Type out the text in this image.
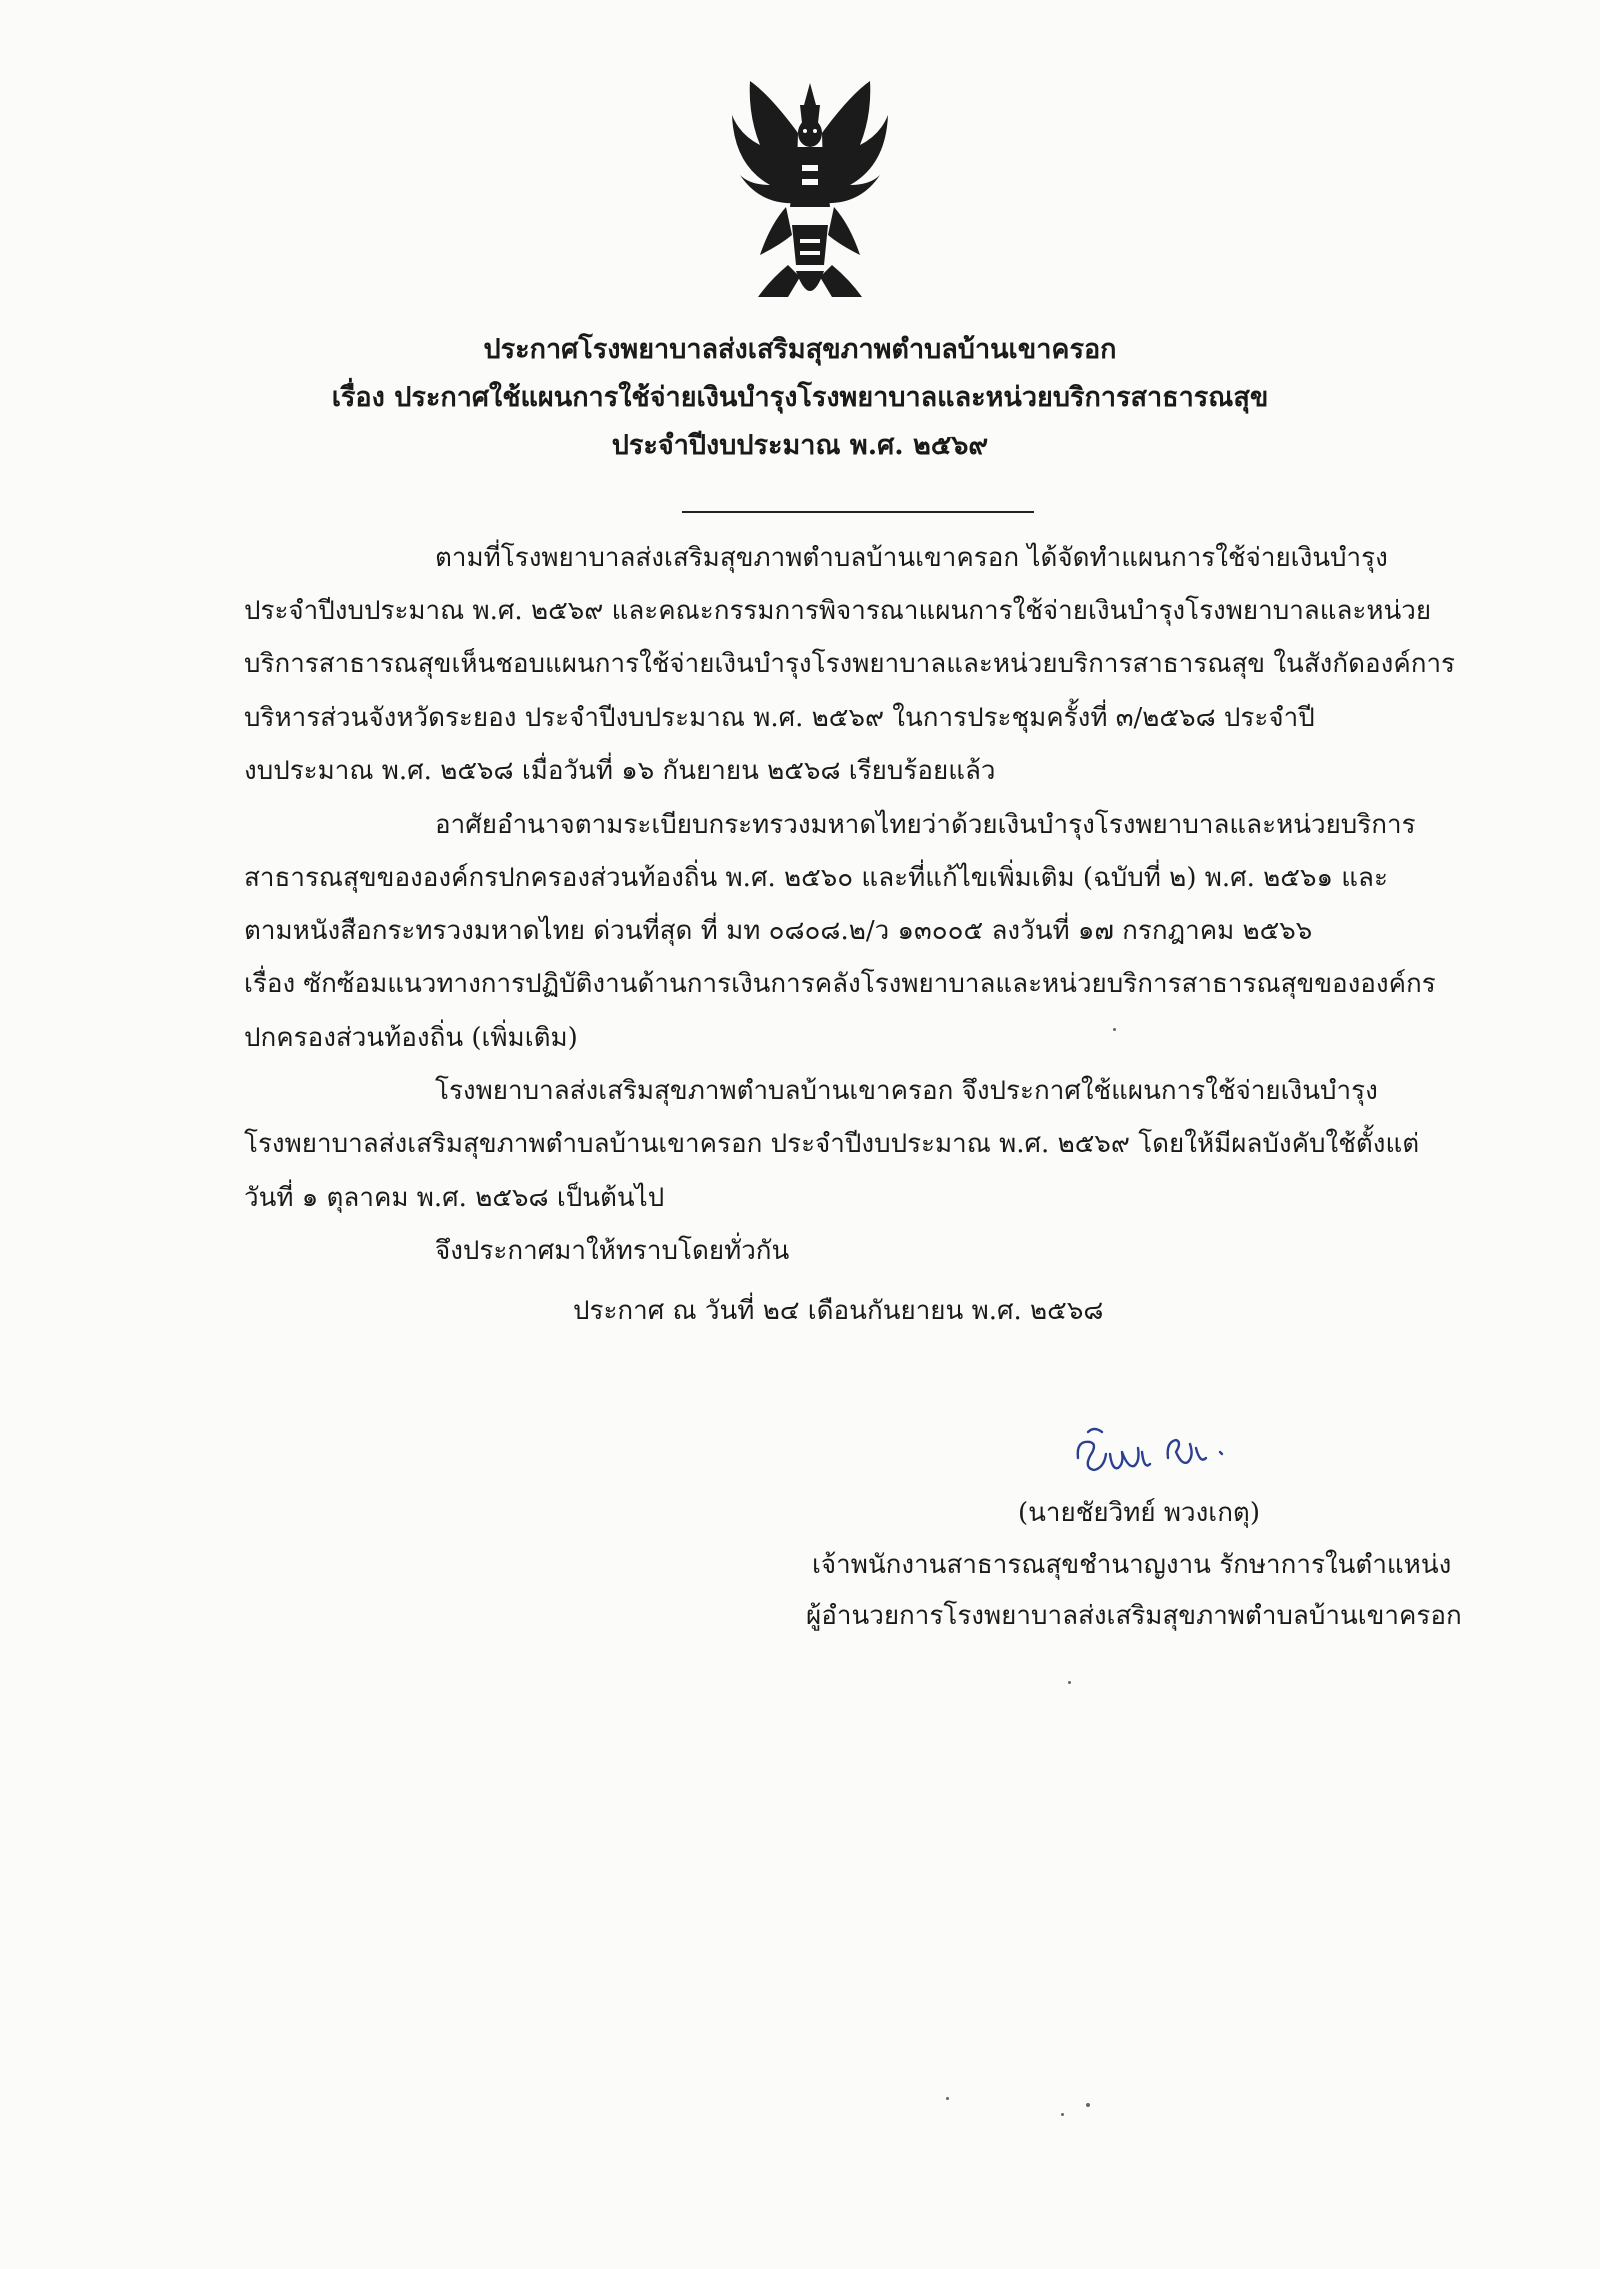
ประกาศโรงพยาบาลส่งเสริมสุขภาพตำบลบ้านเขาครอก
เรื่อง ประกาศใช้แผนการใช้จ่ายเงินบำรุงโรงพยาบาลและหน่วยบริการสาธารณสุข
ประจำปีงบประมาณ พ.ศ. ๒๕๖๙
ตามที่โรงพยาบาลส่งเสริมสุขภาพตำบลบ้านเขาครอก ได้จัดทำแผนการใช้จ่ายเงินบำรุง
ประจำปีงบประมาณ พ.ศ. ๒๕๖๙ และคณะกรรมการพิจารณาแผนการใช้จ่ายเงินบำรุงโรงพยาบาลและหน่วย
บริการสาธารณสุขเห็นชอบแผนการใช้จ่ายเงินบำรุงโรงพยาบาลและหน่วยบริการสาธารณสุข ในสังกัดองค์การ
บริหารส่วนจังหวัดระยอง ประจำปีงบประมาณ พ.ศ. ๒๕๖๙ ในการประชุมครั้งที่ ๓/๒๕๖๘ ประจำปี
งบประมาณ พ.ศ. ๒๕๖๘ เมื่อวันที่ ๑๖ กันยายน ๒๕๖๘ เรียบร้อยแล้ว
อาศัยอำนาจตามระเบียบกระทรวงมหาดไทยว่าด้วยเงินบำรุงโรงพยาบาลและหน่วยบริการ
สาธารณสุขขององค์กรปกครองส่วนท้องถิ่น พ.ศ. ๒๕๖๐ และที่แก้ไขเพิ่มเติม (ฉบับที่ ๒) พ.ศ. ๒๕๖๑ และ
ตามหนังสือกระทรวงมหาดไทย ด่วนที่สุด ที่ มท ๐๘๐๘.๒/ว ๑๓๐๐๕ ลงวันที่ ๑๗ กรกฎาคม ๒๕๖๖
เรื่อง ซักซ้อมแนวทางการปฏิบัติงานด้านการเงินการคลังโรงพยาบาลและหน่วยบริการสาธารณสุขขององค์กร
ปกครองส่วนท้องถิ่น (เพิ่มเติม)
โรงพยาบาลส่งเสริมสุขภาพตำบลบ้านเขาครอก จึงประกาศใช้แผนการใช้จ่ายเงินบำรุง
โรงพยาบาลส่งเสริมสุขภาพตำบลบ้านเขาครอก ประจำปีงบประมาณ พ.ศ. ๒๕๖๙ โดยให้มีผลบังคับใช้ตั้งแต่
วันที่ ๑ ตุลาคม พ.ศ. ๒๕๖๘ เป็นต้นไป
จึงประกาศมาให้ทราบโดยทั่วกัน
ประกาศ ณ วันที่ ๒๔ เดือนกันยายน พ.ศ. ๒๕๖๘
(นายชัยวิทย์ พวงเกตุ)
เจ้าพนักงานสาธารณสุขชำนาญงาน รักษาการในตำแหน่ง
ผู้อำนวยการโรงพยาบาลส่งเสริมสุขภาพตำบลบ้านเขาครอก
